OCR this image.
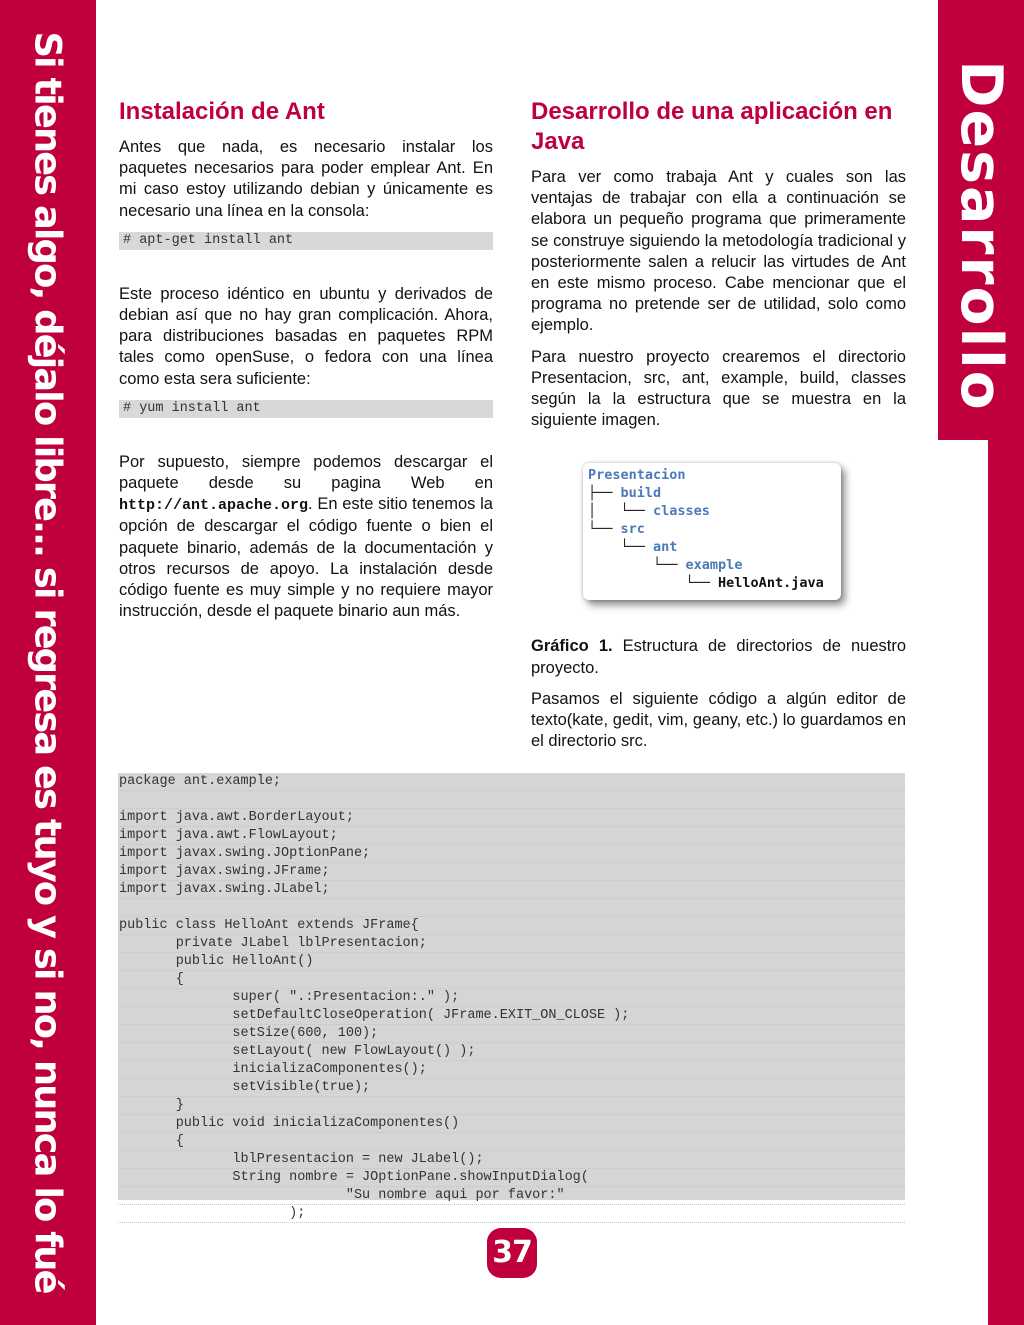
Si tienes algo, déjalo libre... si regresa es tuyo y si no, nunca lo fué	Desarrollo
Instalación de Ant

Antes que nada, es necesario instalar los paquetes necesarios para poder emplear Ant. En mi caso estoy utilizando debian y únicamente es necesario una línea en la consola:

# apt-get install ant

Este proceso idéntico en ubuntu y derivados de debian así que no hay gran complicación. Ahora, para distribuciones basadas en paquetes RPM tales como openSuse, o fedora con una línea como esta sera suficiente:

# yum install ant

Por supuesto, siempre podemos descargar el paquete desde su pagina Web en http://ant.apache.org. En este sitio tenemos la opción de descargar el código fuente o bien el paquete binario, además de la documentación y otros recursos de apoyo. La instalación desde código fuente es muy simple y no requiere mayor instrucción, desde el paquete binario aun más.

Desarrollo de una aplicación en Java

Para ver como trabaja Ant y cuales son las ventajas de trabajar con ella a continuación se elabora un pequeño programa que primeramente se construye siguiendo la metodología tradicional y posteriormente salen a relucir las virtudes de Ant en este mismo proceso. Cabe mencionar que el programa no pretende ser de utilidad, solo como ejemplo.

Para nuestro proyecto crearemos el directorio Presentacion, src, ant, example, build, classes según la la estructura que se muestra en la siguiente imagen.

Gráfico 1. Estructura de directorios de nuestro proyecto.

Pasamos el siguiente código a algún editor de texto(kate, gedit, vim, geany, etc.) lo guardamos en el directorio src.

Presentacion
├── build
│   └── classes
└── src
└── ant
└── example
└── HelloAnt.java
package ant.example;
import java.awt.BorderLayout;
import java.awt.FlowLayout;
import javax.swing.JOptionPane;
import javax.swing.JFrame;
import javax.swing.JLabel;
public class HelloAnt extends JFrame{
private JLabel lblPresentacion;
public HelloAnt()
{
super( ".:Presentacion:." );
setDefaultCloseOperation( JFrame.EXIT_ON_CLOSE );
setSize(600, 100);
setLayout( new FlowLayout() );
inicializaComponentes();
setVisible(true);
}
public void inicializaComponentes()
{
lblPresentacion = new JLabel();
String nombre = JOptionPane.showInputDialog(
"Su nombre aqui por favor:"
);
37
